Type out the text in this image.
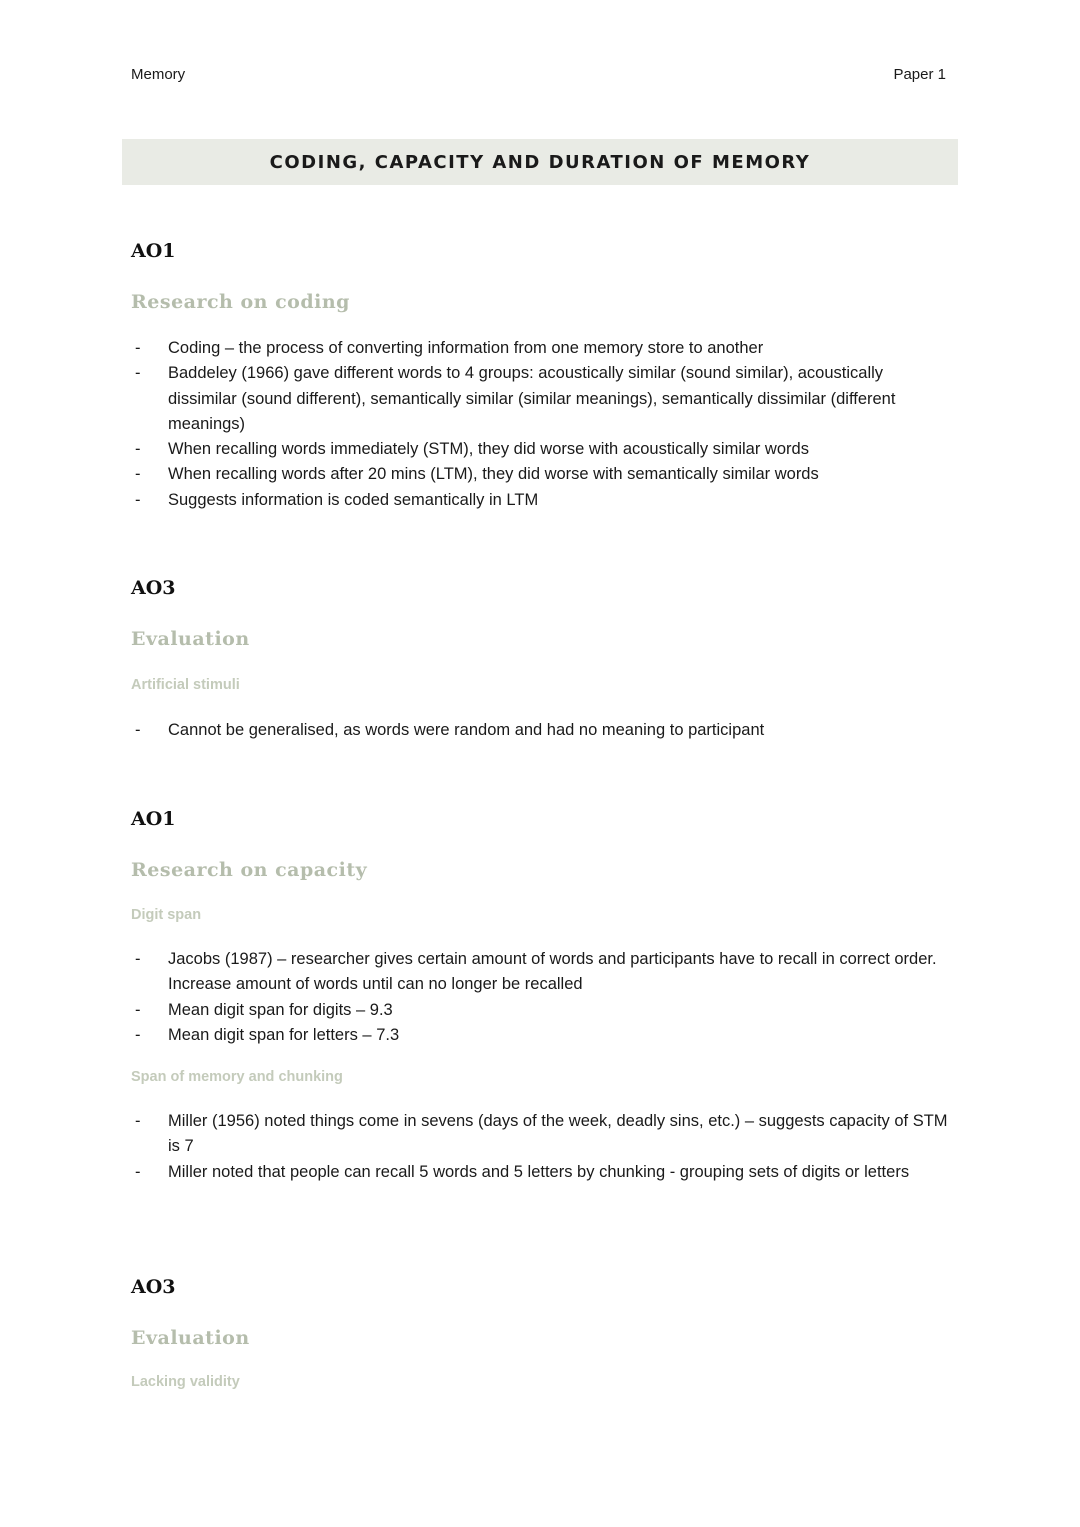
Memory	Paper 1
CODING, CAPACITY AND DURATION OF MEMORY
AO1
Research on coding
- Coding – the process of converting information from one memory store to another
- Baddeley (1966) gave different words to 4 groups: acoustically similar (sound similar), acoustically dissimilar (sound different), semantically similar (similar meanings), semantically dissimilar (different meanings)
- When recalling words immediately (STM), they did worse with acoustically similar words
- When recalling words after 20 mins (LTM), they did worse with semantically similar words
- Suggests information is coded semantically in LTM
AO3
Evaluation
Artificial stimuli
- Cannot be generalised, as words were random and had no meaning to participant
AO1
Research on capacity
Digit span
- Jacobs (1987) – researcher gives certain amount of words and participants have to recall in correct order. Increase amount of words until can no longer be recalled
- Mean digit span for digits – 9.3
- Mean digit span for letters – 7.3
Span of memory and chunking
- Miller (1956) noted things come in sevens (days of the week, deadly sins, etc.) – suggests capacity of STM is 7
- Miller noted that people can recall 5 words and 5 letters by chunking - grouping sets of digits or letters
AO3
Evaluation
Lacking validity
